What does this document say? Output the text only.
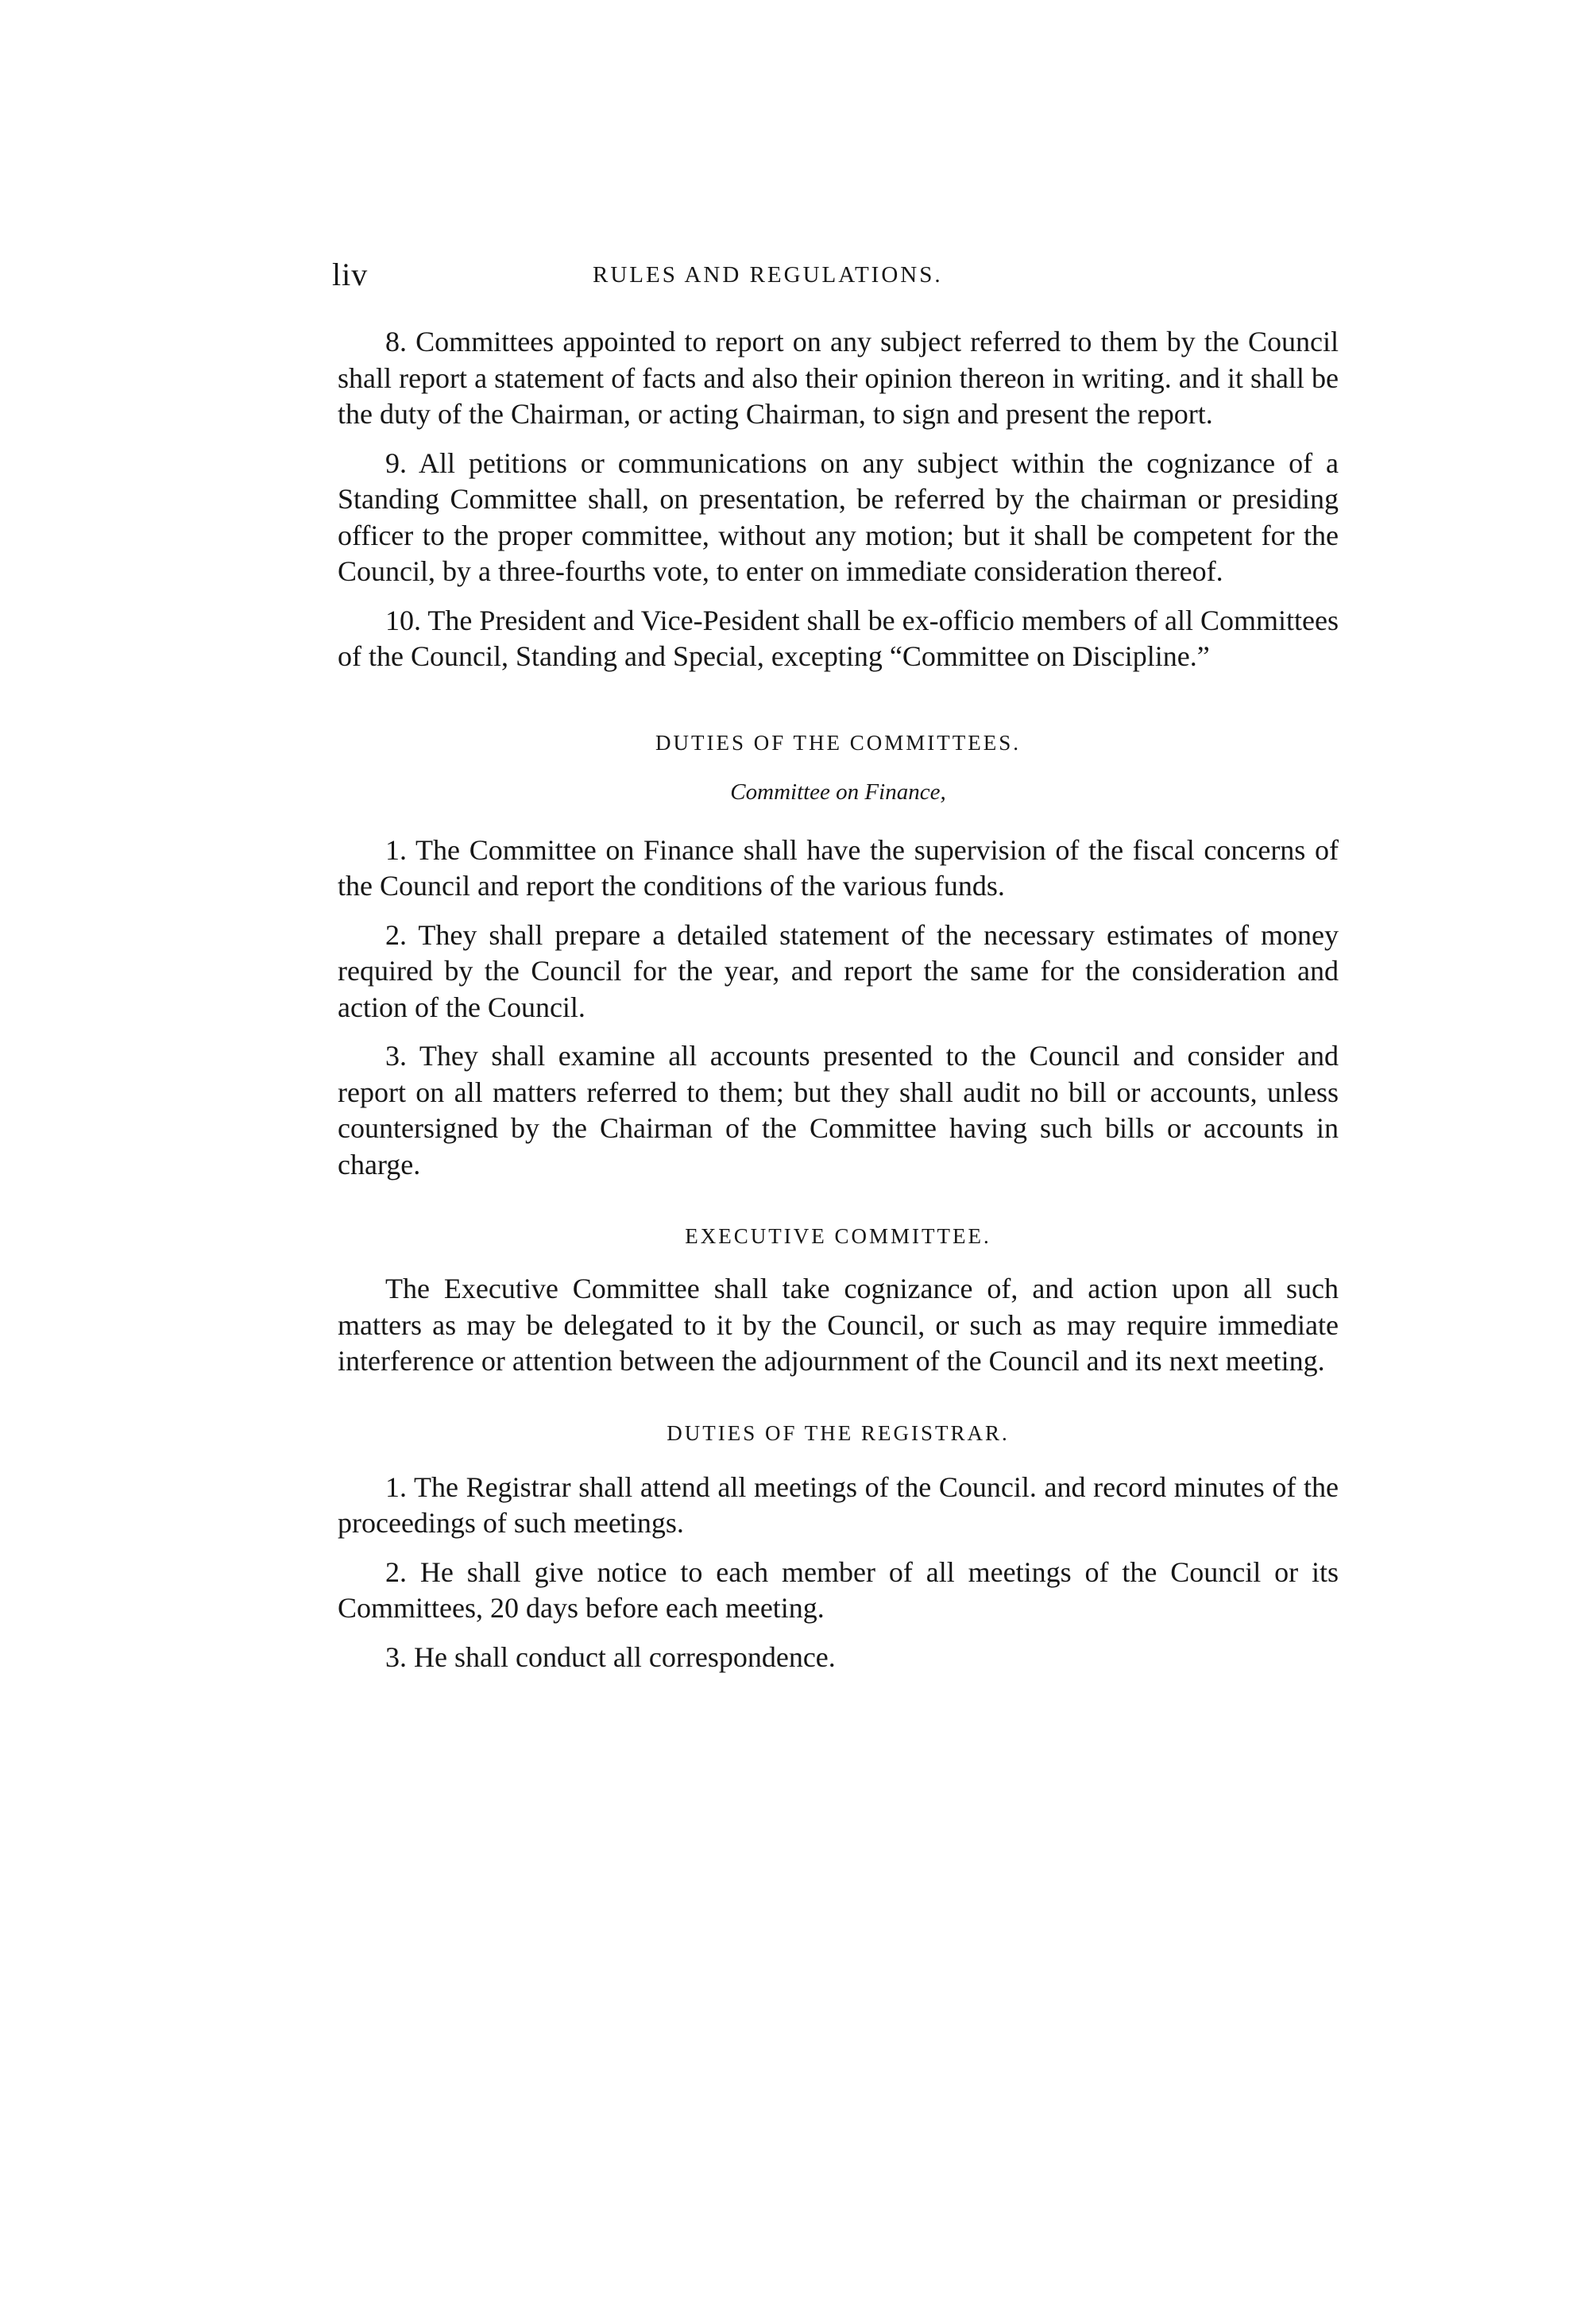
liv	RULES AND REGULATIONS.

8. Committees appointed to report on any subject referred to them by the Council shall report a statement of facts and also their opinion thereon in writing. and it shall be the duty of the Chairman, or acting Chairman, to sign and present the report.

9. All petitions or communications on any subject within the cognizance of a Standing Committee shall, on presentation, be referred by the chairman or presiding officer to the proper committee, without any motion; but it shall be competent for the Council, by a three-fourths vote, to enter on immediate consideration thereof.

10. The President and Vice-Pesident shall be ex-officio members of all Committees of the Council, Standing and Special, excepting “Committee on Discipline.”

DUTIES OF THE COMMITTEES.

Committee on Finance,

1. The Committee on Finance shall have the supervision of the fiscal concerns of the Council and report the conditions of the various funds.

2. They shall prepare a detailed statement of the necessary estimates of money required by the Council for the year, and report the same for the consideration and action of the Council.

3. They shall examine all accounts presented to the Council and consider and report on all matters referred to them; but they shall audit no bill or accounts, unless countersigned by the Chairman of the Committee having such bills or accounts in charge.

EXECUTIVE COMMITTEE.

The Executive Committee shall take cognizance of, and action upon all such matters as may be delegated to it by the Council, or such as may require immediate interference or attention between the adjournment of the Council and its next meeting.

DUTIES OF THE REGISTRAR.

1. The Registrar shall attend all meetings of the Council. and record minutes of the proceedings of such meetings.

2. He shall give notice to each member of all meetings of the Council or its Committees, 20 days before each meeting.

3. He shall conduct all correspondence.
